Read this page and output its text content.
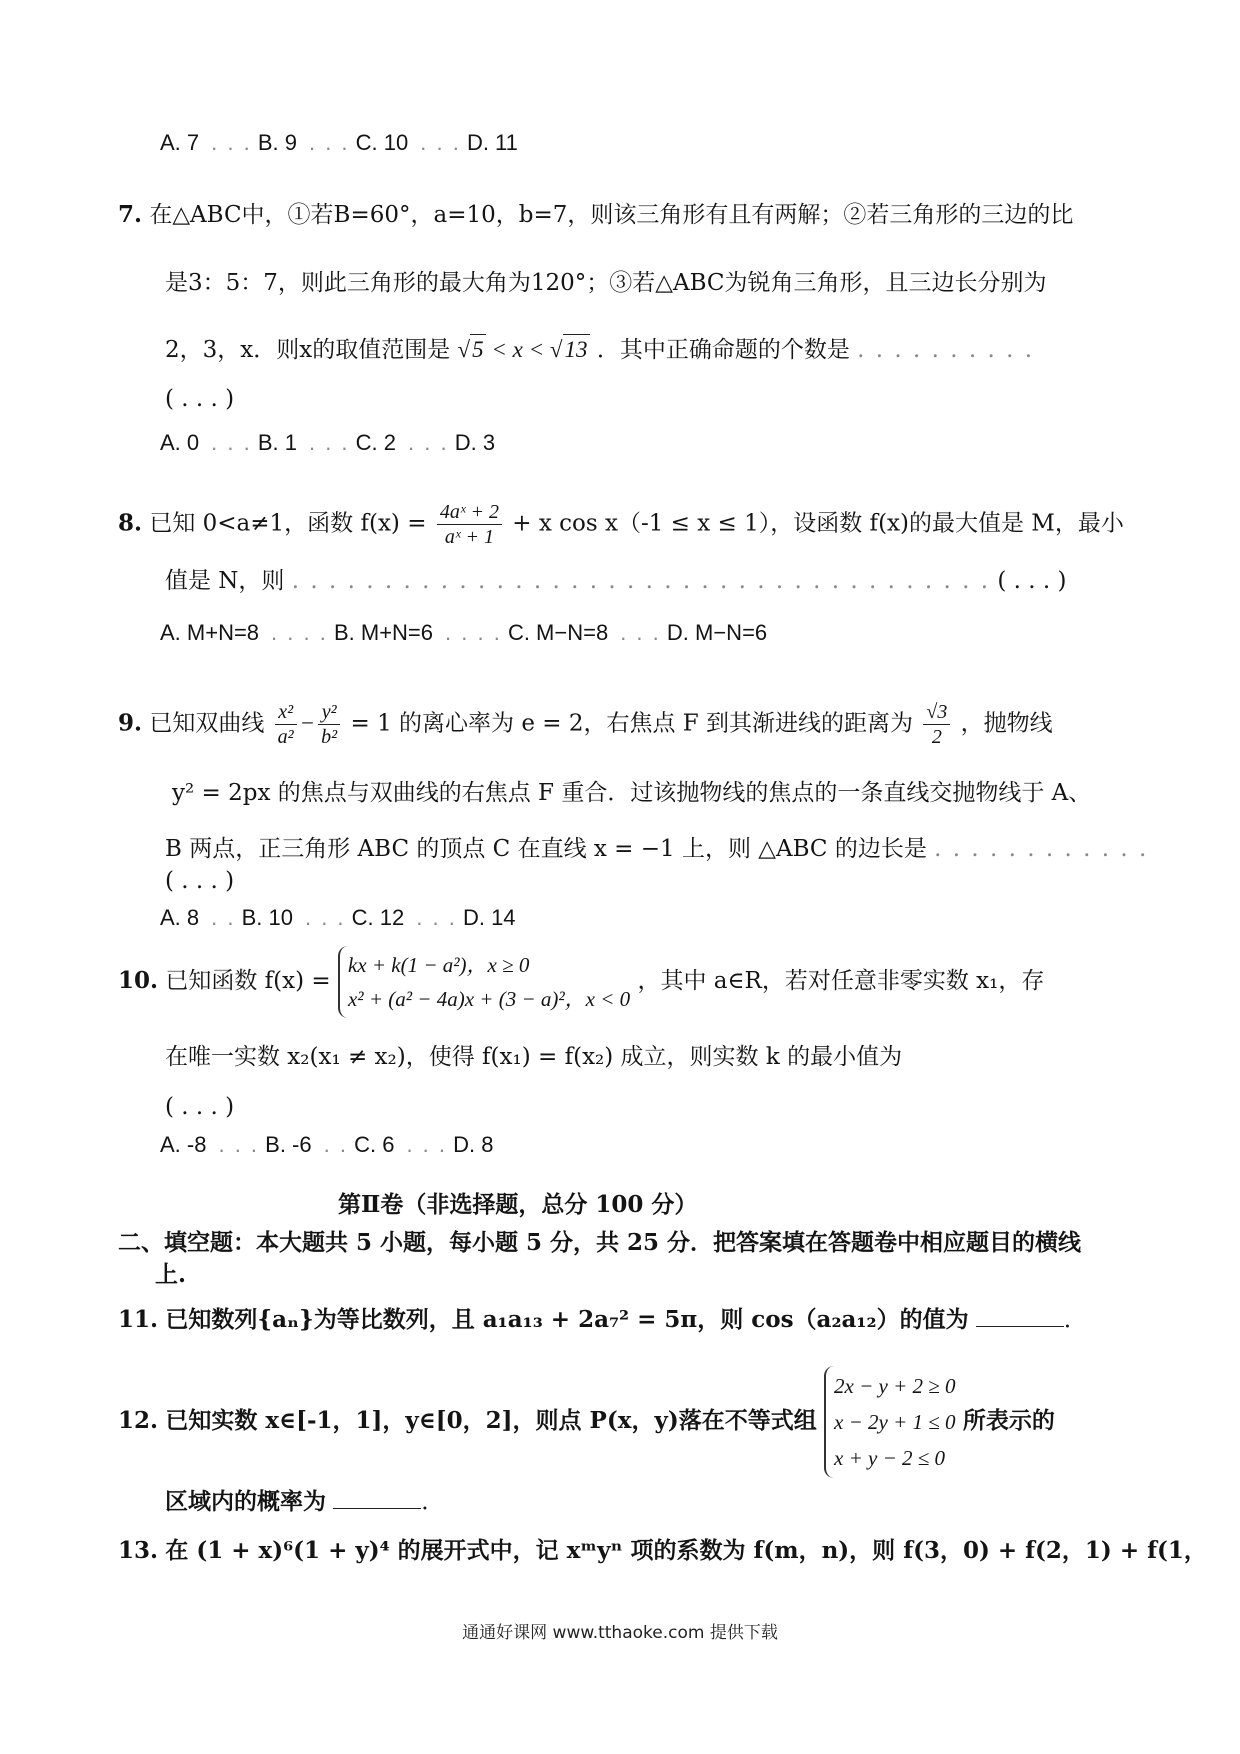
A. 7 . . . B. 9 . . . C. 10 . . . D. 11
7. 在△ABC中，①若B=60°，a=10，b=7，则该三角形有且有两解；②若三角形的三边的比
是3：5：7，则此三角形的最大角为120°；③若△ABC为锐角三角形，且三边长分别为
2，3，x．则x的取值范围是 √5 < x < √13 ．其中正确命题的个数是 . . . . . . . . . .
( . . . )
A. 0 . . . B. 1 . . . C. 2 . . . D. 3
8. 已知 0<a≠1，函数 $f(x) = \frac{\text{4aˣ + 2}}{\text{aˣ + 1}} + x$ cos x（-1 ≤ x ≤ 1），设函数 f(x)的最大值是 M，最小
值是 N，则 . . . . . . . . . . . . . . . . . . . . . . . . . . . . . . . . . . . . . . ( . . . )
A. M+N=8 . . . . B. M+N=6 . . . . C. M−N=8 . . . D. M−N=6
9. 已知双曲线 $\frac{\text{x²}}{\text{a²}} - \frac{\text{y²}}{\text{b²}} = 1$ 的离心率为 e = 2，右焦点 F 到其渐进线的距离为 $\frac{√3}{2}$ ，抛物线
y² = 2px 的焦点与双曲线的右焦点 F 重合．过该抛物线的焦点的一条直线交抛物线于 A、
B 两点，正三角形 ABC 的顶点 C 在直线 x = −1 上，则 △ABC 的边长是 . . . . . . . . . . . .
( . . . )
A. 8 . . B. 10 . . . C. 12 . . . D. 14
10. 已知函数 f(x) =
kx + k(1 − a²)，x ≥ 0
x² + (a² − 4a)x + (3 − a)²，x < 0
，其中 a∈R，若对任意非零实数 x₁，存
在唯一实数 x₂(x₁ ≠ x₂)，使得 f(x₁) = f(x₂) 成立，则实数 k 的最小值为
( . . . )
A. -8 . . . B. -6 . . C. 6 . . . D. 8
第Ⅱ卷（非选择题，总分 100 分）
二、填空题：本大题共 5 小题，每小题 5 分，共 25 分．把答案填在答题卷中相应题目的横线
上.
11. 已知数列{aₙ}为等比数列，且 a₁a₁₃ + 2a₇² = 5π，则 cos（a₂a₁₂）的值为	．
12. 已知实数 x∈[-1，1]，y∈[0，2]，则点 P(x，y)落在不等式组
2x − y + 2 ≥ 0
x − 2y + 1 ≤ 0
x + y − 2 ≤ 0
所表示的
区域内的概率为	．
13. 在 (1 + x)⁶(1 + y)⁴ 的展开式中，记 xᵐyⁿ 项的系数为 f(m，n)，则 f(3，0) + f(2，1) + f(1，
通通好课网 www.tthaoke.com 提供下载
